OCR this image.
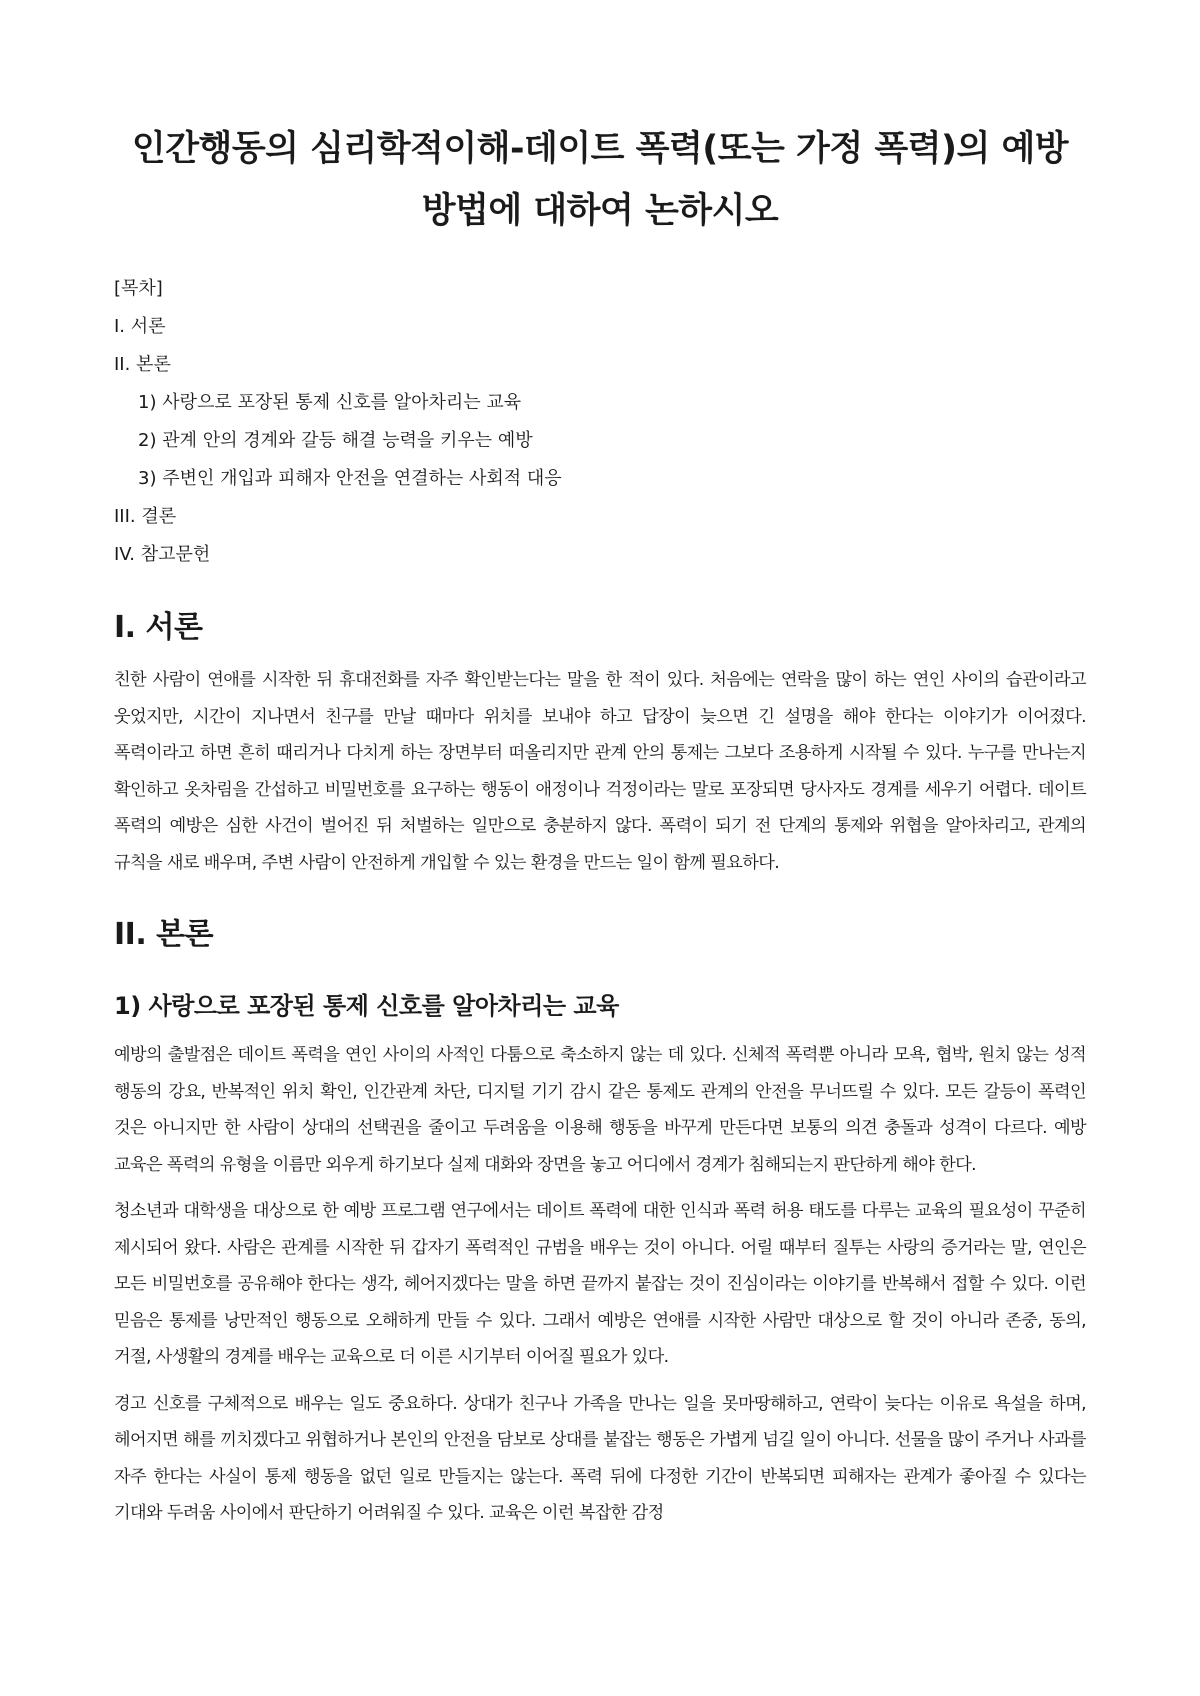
인간행동의 심리학적이해-데이트 폭력(또는 가정 폭력)의 예방
방법에 대하여 논하시오
[목차]
I. 서론
II. 본론
1) 사랑으로 포장된 통제 신호를 알아차리는 교육
2) 관계 안의 경계와 갈등 해결 능력을 키우는 예방
3) 주변인 개입과 피해자 안전을 연결하는 사회적 대응
III. 결론
IV. 참고문헌
I. 서론

친한 사람이 연애를 시작한 뒤 휴대전화를 자주 확인받는다는 말을 한 적이 있다. 처음에는 연락을 많이 하는 연인 사이의 습관이라고 웃었지만, 시간이 지나면서 친구를 만날 때마다 위치를 보내야 하고 답장이 늦으면 긴 설명을 해야 한다는 이야기가 이어졌다. 폭력이라고 하면 흔히 때리거나 다치게 하는 장면부터 떠올리지만 관계 안의 통제는 그보다 조용하게 시작될 수 있다. 누구를 만나는지 확인하고 옷차림을 간섭하고 비밀번호를 요구하는 행동이 애정이나 걱정이라는 말로 포장되면 당사자도 경계를 세우기 어렵다. 데이트 폭력의 예방은 심한 사건이 벌어진 뒤 처벌하는 일만으로 충분하지 않다. 폭력이 되기 전 단계의 통제와 위협을 알아차리고, 관계의 규칙을 새로 배우며, 주변 사람이 안전하게 개입할 수 있는 환경을 만드는 일이 함께 필요하다.

II. 본론
1) 사랑으로 포장된 통제 신호를 알아차리는 교육

예방의 출발점은 데이트 폭력을 연인 사이의 사적인 다툼으로 축소하지 않는 데 있다. 신체적 폭력뿐 아니라 모욕, 협박, 원치 않는 성적 행동의 강요, 반복적인 위치 확인, 인간관계 차단, 디지털 기기 감시 같은 통제도 관계의 안전을 무너뜨릴 수 있다. 모든 갈등이 폭력인 것은 아니지만 한 사람이 상대의 선택권을 줄이고 두려움을 이용해 행동을 바꾸게 만든다면 보통의 의견 충돌과 성격이 다르다. 예방 교육은 폭력의 유형을 이름만 외우게 하기보다 실제 대화와 장면을 놓고 어디에서 경계가 침해되는지 판단하게 해야 한다.

청소년과 대학생을 대상으로 한 예방 프로그램 연구에서는 데이트 폭력에 대한 인식과 폭력 허용 태도를 다루는 교육의 필요성이 꾸준히 제시되어 왔다. 사람은 관계를 시작한 뒤 갑자기 폭력적인 규범을 배우는 것이 아니다. 어릴 때부터 질투는 사랑의 증거라는 말, 연인은 모든 비밀번호를 공유해야 한다는 생각, 헤어지겠다는 말을 하면 끝까지 붙잡는 것이 진심이라는 이야기를 반복해서 접할 수 있다. 이런 믿음은 통제를 낭만적인 행동으로 오해하게 만들 수 있다. 그래서 예방은 연애를 시작한 사람만 대상으로 할 것이 아니라 존중, 동의, 거절, 사생활의 경계를 배우는 교육으로 더 이른 시기부터 이어질 필요가 있다.

경고 신호를 구체적으로 배우는 일도 중요하다. 상대가 친구나 가족을 만나는 일을 못마땅해하고, 연락이 늦다는 이유로 욕설을 하며, 헤어지면 해를 끼치겠다고 위협하거나 본인의 안전을 담보로 상대를 붙잡는 행동은 가볍게 넘길 일이 아니다. 선물을 많이 주거나 사과를 자주 한다는 사실이 통제 행동을 없던 일로 만들지는 않는다. 폭력 뒤에 다정한 기간이 반복되면 피해자는 관계가 좋아질 수 있다는 기대와 두려움 사이에서 판단하기 어려워질 수 있다. 교육은 이런 복잡한 감정
